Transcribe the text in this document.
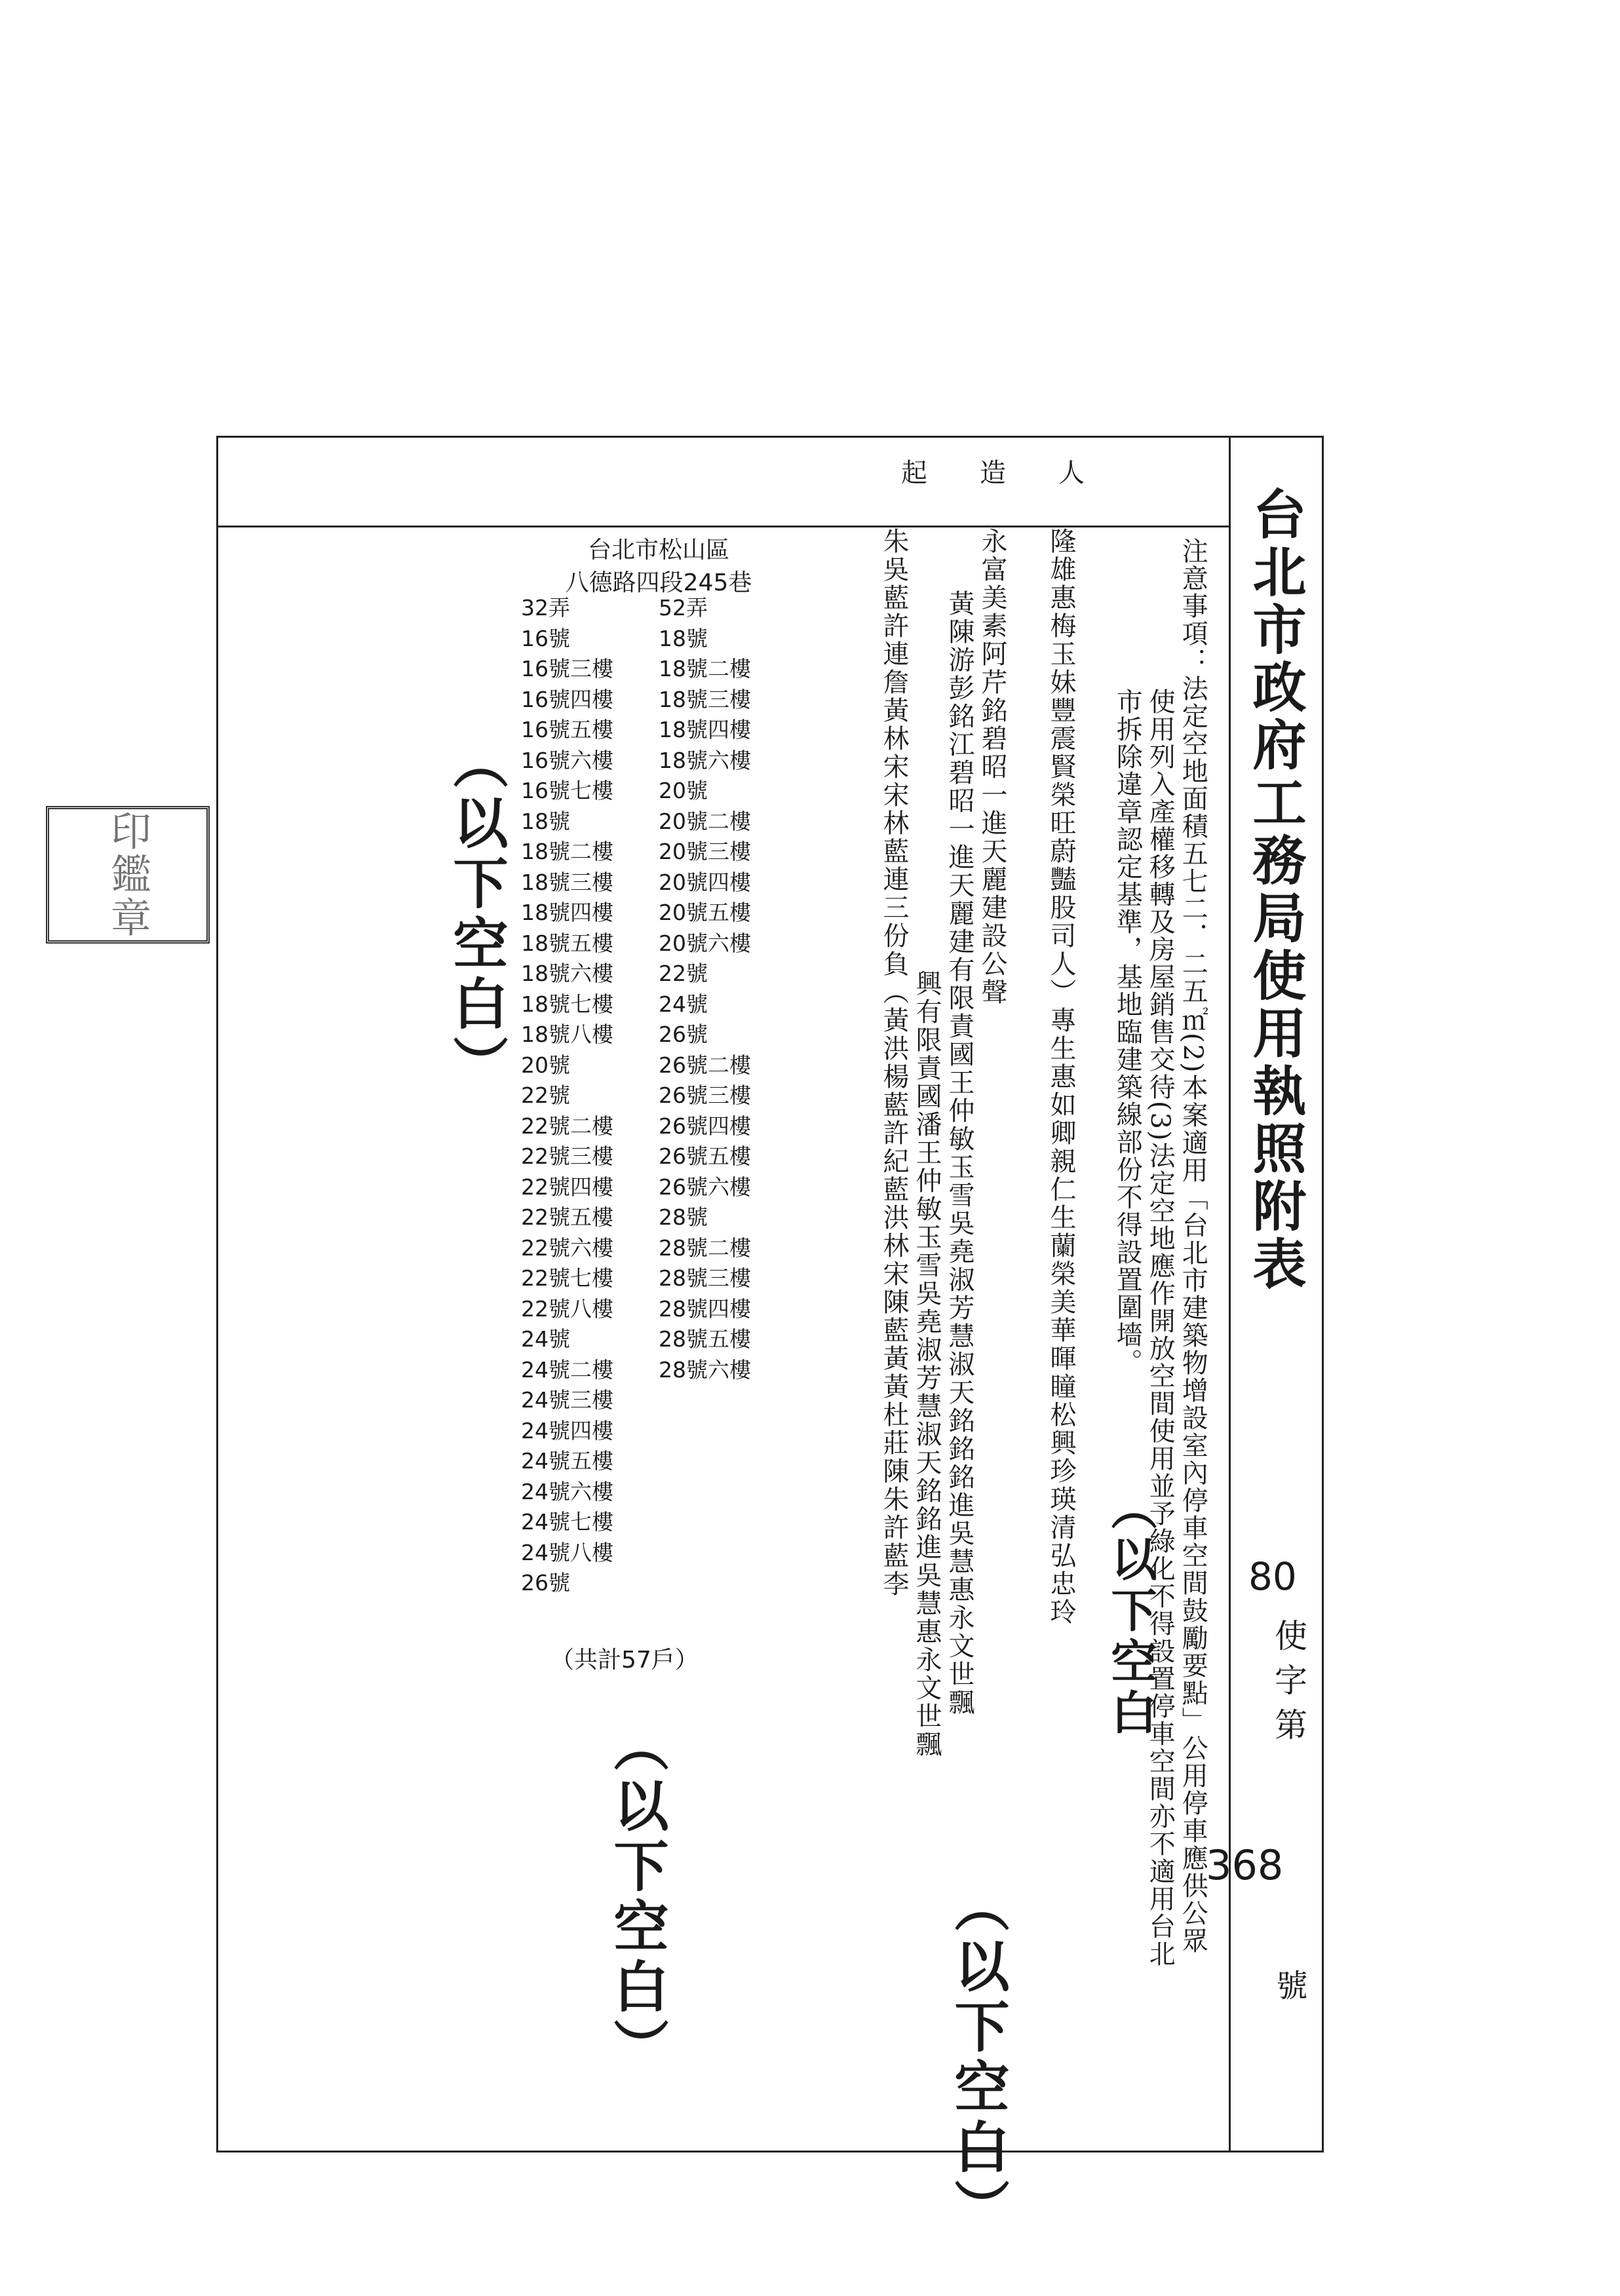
台北市政府工務局使用執照附表
80
使字第
368
號
起 造 人
注意事項：法定空地面積五七二．二五㎡(2)本案適用「台北市建築物增設室內停車空間鼓勵要點」公用停車應供公眾
使用列入產權移轉及房屋銷售交待(3)法定空地應作開放空間使用並予綠化不得設置停車空間亦不適用台北
市拆除違章認定基準，基地臨建築線部份不得設置圍墻。
隆雄惠梅玉妹豐震賢榮旺蔚豔股司人）專生惠如卿親仁生蘭榮美華暉瞳松興珍瑛清弘忠玲
永富美素阿芹銘碧昭一進天麗建設公聲
黃陳游彭銘江碧昭一進天麗建有限責國王仲敏玉雪吳堯淑芳慧淑天銘銘銘進吳慧惠永文世飄
興有限責國潘王仲敏玉雪吳堯淑芳慧淑天銘銘進吳慧惠永文世飄
朱吳藍許連詹黃林宋宋林藍連三份負（黃洪楊藍許紀藍洪林宋陳藍黃黃杜莊陳朱許藍李
台北市松山區
八德路四段245巷
32弄
16號
16號三樓
16號四樓
16號五樓
16號六樓
16號七樓
18號
18號二樓
18號三樓
18號四樓
18號五樓
18號六樓
18號七樓
18號八樓
20號
22號
22號二樓
22號三樓
22號四樓
22號五樓
22號六樓
22號七樓
22號八樓
24號
24號二樓
24號三樓
24號四樓
24號五樓
24號六樓
24號七樓
24號八樓
26號
52弄
18號
18號二樓
18號三樓
18號四樓
18號六樓
20號
20號二樓
20號三樓
20號四樓
20號五樓
20號六樓
22號
24號
26號
26號二樓
26號三樓
26號四樓
26號五樓
26號六樓
28號
28號二樓
28號三樓
28號四樓
28號五樓
28號六樓
（共計57戶）
（以下空白）
（以下空白）	（以下空白）
（以下空白
印鑑章
